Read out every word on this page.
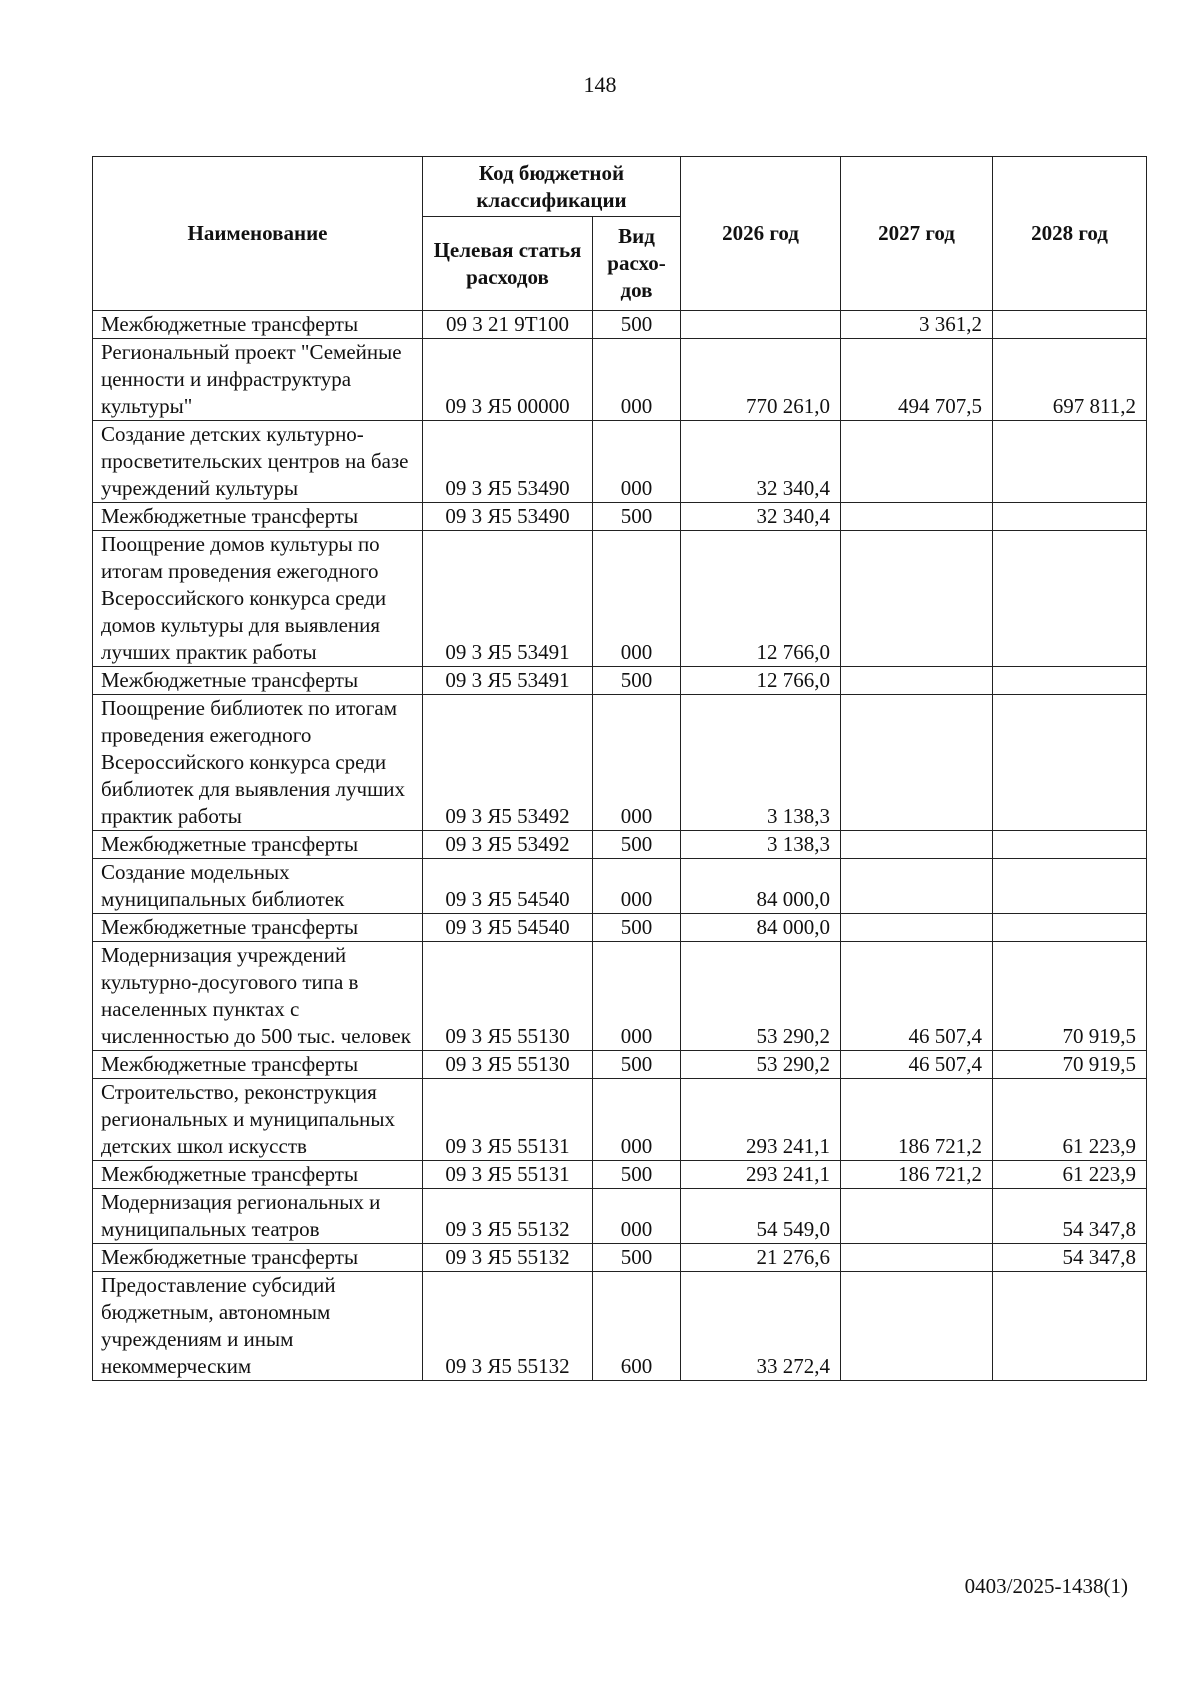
148
Наименование	Код бюджетной классификации		2026 год	2027 год	2028 год
	Целевая статья расходов	Вид расхо-дов			
Межбюджетные трансферты	09 3 21 9Т100	500		3 361,2	
Региональный проект "Семейные ценности и инфраструктура культуры"	09 3 Я5 00000	000	770 261,0	494 707,5	697 811,2
Создание детских культурно-просветительских центров на базе учреждений культуры	09 3 Я5 53490	000	32 340,4		
Межбюджетные трансферты	09 3 Я5 53490	500	32 340,4		
Поощрение домов культуры по итогам проведения ежегодного Всероссийского конкурса среди домов культуры для выявления лучших практик работы	09 3 Я5 53491	000	12 766,0		
Межбюджетные трансферты	09 3 Я5 53491	500	12 766,0		
Поощрение библиотек по итогам проведения ежегодного Всероссийского конкурса среди библиотек для выявления лучших практик работы	09 3 Я5 53492	000	3 138,3		
Межбюджетные трансферты	09 3 Я5 53492	500	3 138,3		
Создание модельных муниципальных библиотек	09 3 Я5 54540	000	84 000,0		
Межбюджетные трансферты	09 3 Я5 54540	500	84 000,0		
Модернизация учреждений культурно-досугового типа в населенных пунктах с численностью до 500 тыс. человек	09 3 Я5 55130	000	53 290,2	46 507,4	70 919,5
Межбюджетные трансферты	09 3 Я5 55130	500	53 290,2	46 507,4	70 919,5
Строительство, реконструкция региональных и муниципальных детских школ искусств	09 3 Я5 55131	000	293 241,1	186 721,2	61 223,9
Межбюджетные трансферты	09 3 Я5 55131	500	293 241,1	186 721,2	61 223,9
Модернизация региональных и муниципальных театров	09 3 Я5 55132	000	54 549,0		54 347,8
Межбюджетные трансферты	09 3 Я5 55132	500	21 276,6		54 347,8
Предоставление субсидий бюджетным, автономным учреждениям и иным некоммерческим	09 3 Я5 55132	600	33 272,4		
0403/2025-1438(1)
